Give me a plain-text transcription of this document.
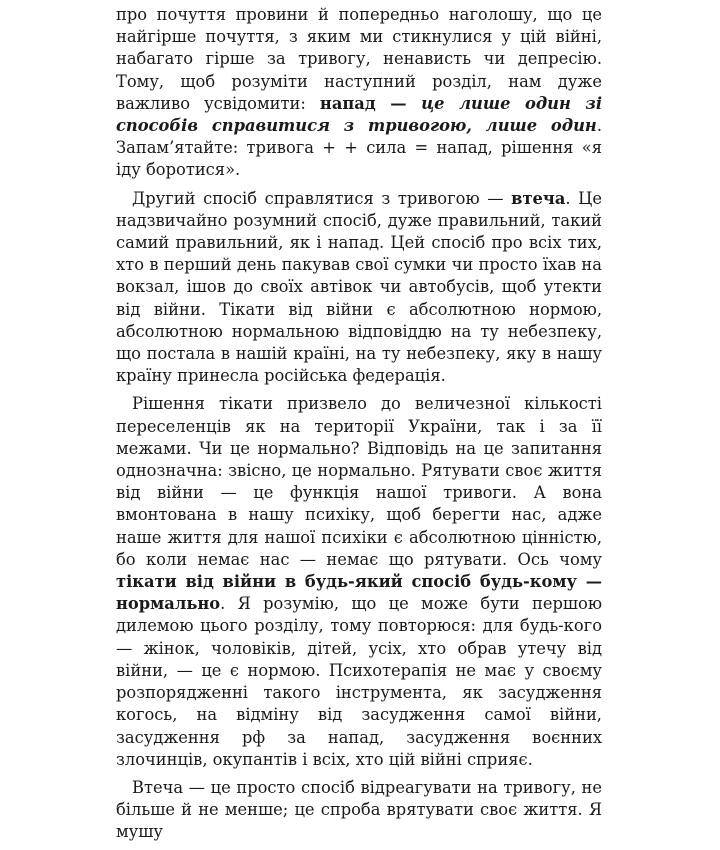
про почуття провини й попередньо наголошу, що це найгірше почуття, з яким ми стикнулися у цій війні, набагато гірше за тривогу, ненависть чи депресію. Тому, щоб розуміти наступний розділ, нам дуже важливо усвідомити: напад — це лише один зі способів справитися з тривогою, лише один. Запам’ятайте: тривога + + сила = напад, рішення «я іду боротися».

Другий спосіб справлятися з тривогою — втеча. Це надзвичайно розумний спосіб, дуже правильний, такий самий правильний, як і напад. Цей спосіб про всіх тих, хто в перший день пакував свої сумки чи просто їхав на вокзал, ішов до своїх автівок чи автобусів, щоб утекти від війни. Тікати від війни є абсолютною нормою, абсолютною нормальною відповіддю на ту небезпеку, що постала в нашій країні, на ту небезпеку, яку в нашу країну принесла російська федерація.

Рішення тікати призвело до величезної кількості переселенців як на території України, так і за її межами. Чи це нормально? Відповідь на це запитання однозначна: звісно, це нормально. Рятувати своє життя від війни — це функція нашої тривоги. А вона вмонтована в нашу психіку, щоб берегти нас, адже наше життя для нашої психіки є абсолютною цінністю, бо коли немає нас — немає що рятувати. Ось чому тікати від війни в будь-який спосіб будь-кому — нормально. Я розумію, що це може бути першою дилемою цього розділу, тому повторюся: для будь-кого — жінок, чоловіків, дітей, усіх, хто обрав утечу від війни, — це є нормою. Психотерапія не має у своєму розпорядженні такого інструмента, як засудження когось, на відміну від засудження самої війни, засудження рф за напад, засудження воєнних злочинців, окупантів і всіх, хто цій війні сприяє.

Втеча — це просто спосіб відреагувати на тривогу, не більше й не менше; це спроба врятувати своє життя. Я мушу
